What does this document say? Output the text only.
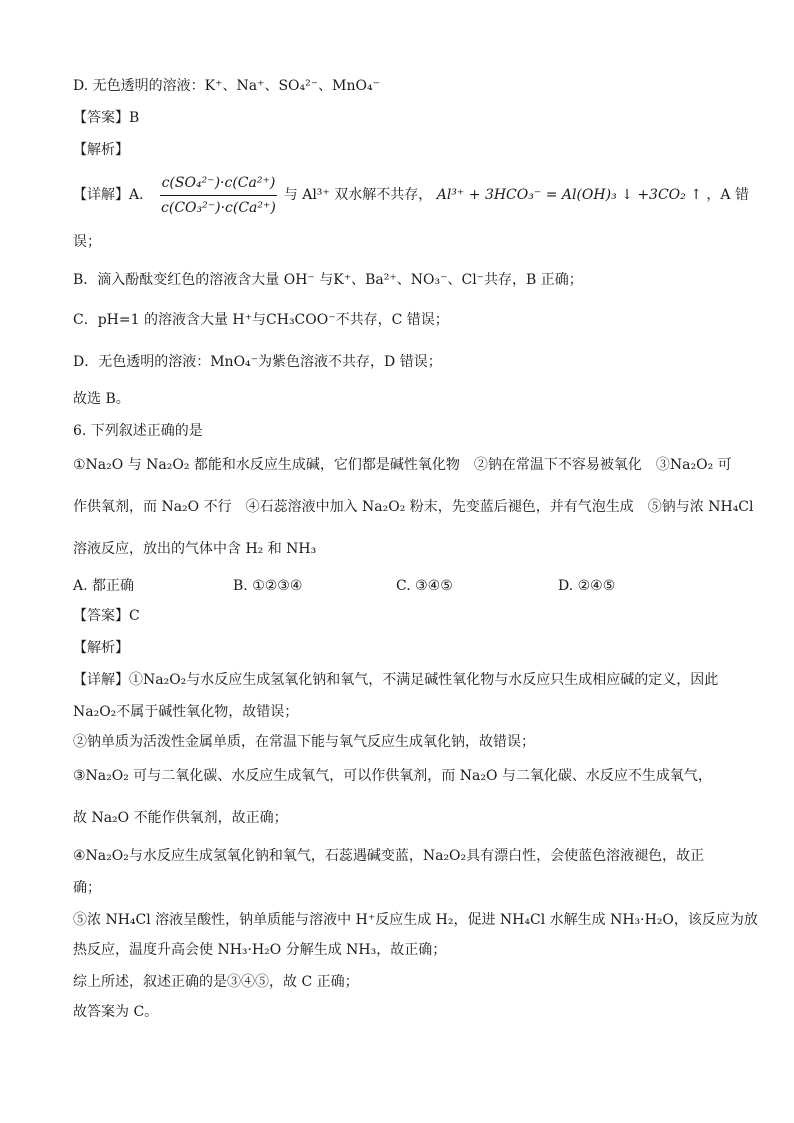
D. 无色透明的溶液：K⁺、Na⁺、SO₄²⁻、MnO₄⁻
【答案】B
【解析】
【详解】A． $\frac{\text{c(SO₄²⁻)·c(Ca²⁺)}}{\text{c(CO₃²⁻)·c(Ca²⁺)}}$ 与 Al³⁺ 双水解不共存， Al³⁺ + 3HCO₃⁻ = Al(OH)₃ ↓ +3CO₂ ↑ ，A 错
误；
B．滴入酚酞变红色的溶液含大量 OH⁻ 与K⁺、Ba²⁺、NO₃⁻、Cl⁻共存，B 正确；
C．pH=1 的溶液含大量 H⁺与CH₃COO⁻不共存，C 错误；
D．无色透明的溶液：MnO₄⁻为紫色溶液不共存，D 错误；
故选 B。
6. 下列叙述正确的是
①Na₂O 与 Na₂O₂ 都能和水反应生成碱，它们都是碱性氧化物　②钠在常温下不容易被氧化　③Na₂O₂ 可
作供氧剂，而 Na₂O 不行　④石蕊溶液中加入 Na₂O₂ 粉末，先变蓝后褪色，并有气泡生成　⑤钠与浓 NH₄Cl
溶液反应，放出的气体中含 H₂ 和 NH₃
A. 都正确	B. ①②③④	C. ③④⑤	D. ②④⑤
【答案】C
【解析】
【详解】①Na₂O₂与水反应生成氢氧化钠和氧气，不满足碱性氧化物与水反应只生成相应碱的定义，因此
Na₂O₂不属于碱性氧化物，故错误；
②钠单质为活泼性金属单质，在常温下能与氧气反应生成氧化钠，故错误；
③Na₂O₂ 可与二氧化碳、水反应生成氧气，可以作供氧剂，而 Na₂O 与二氧化碳、水反应不生成氧气，
故 Na₂O 不能作供氧剂，故正确；
④Na₂O₂与水反应生成氢氧化钠和氧气，石蕊遇碱变蓝，Na₂O₂具有漂白性，会使蓝色溶液褪色，故正
确；
⑤浓 NH₄Cl 溶液呈酸性，钠单质能与溶液中 H⁺反应生成 H₂，促进 NH₄Cl 水解生成 NH₃·H₂O，该反应为放
热反应，温度升高会使 NH₃·H₂O 分解生成 NH₃，故正确；
综上所述，叙述正确的是③④⑤，故 C 正确；
故答案为 C。
